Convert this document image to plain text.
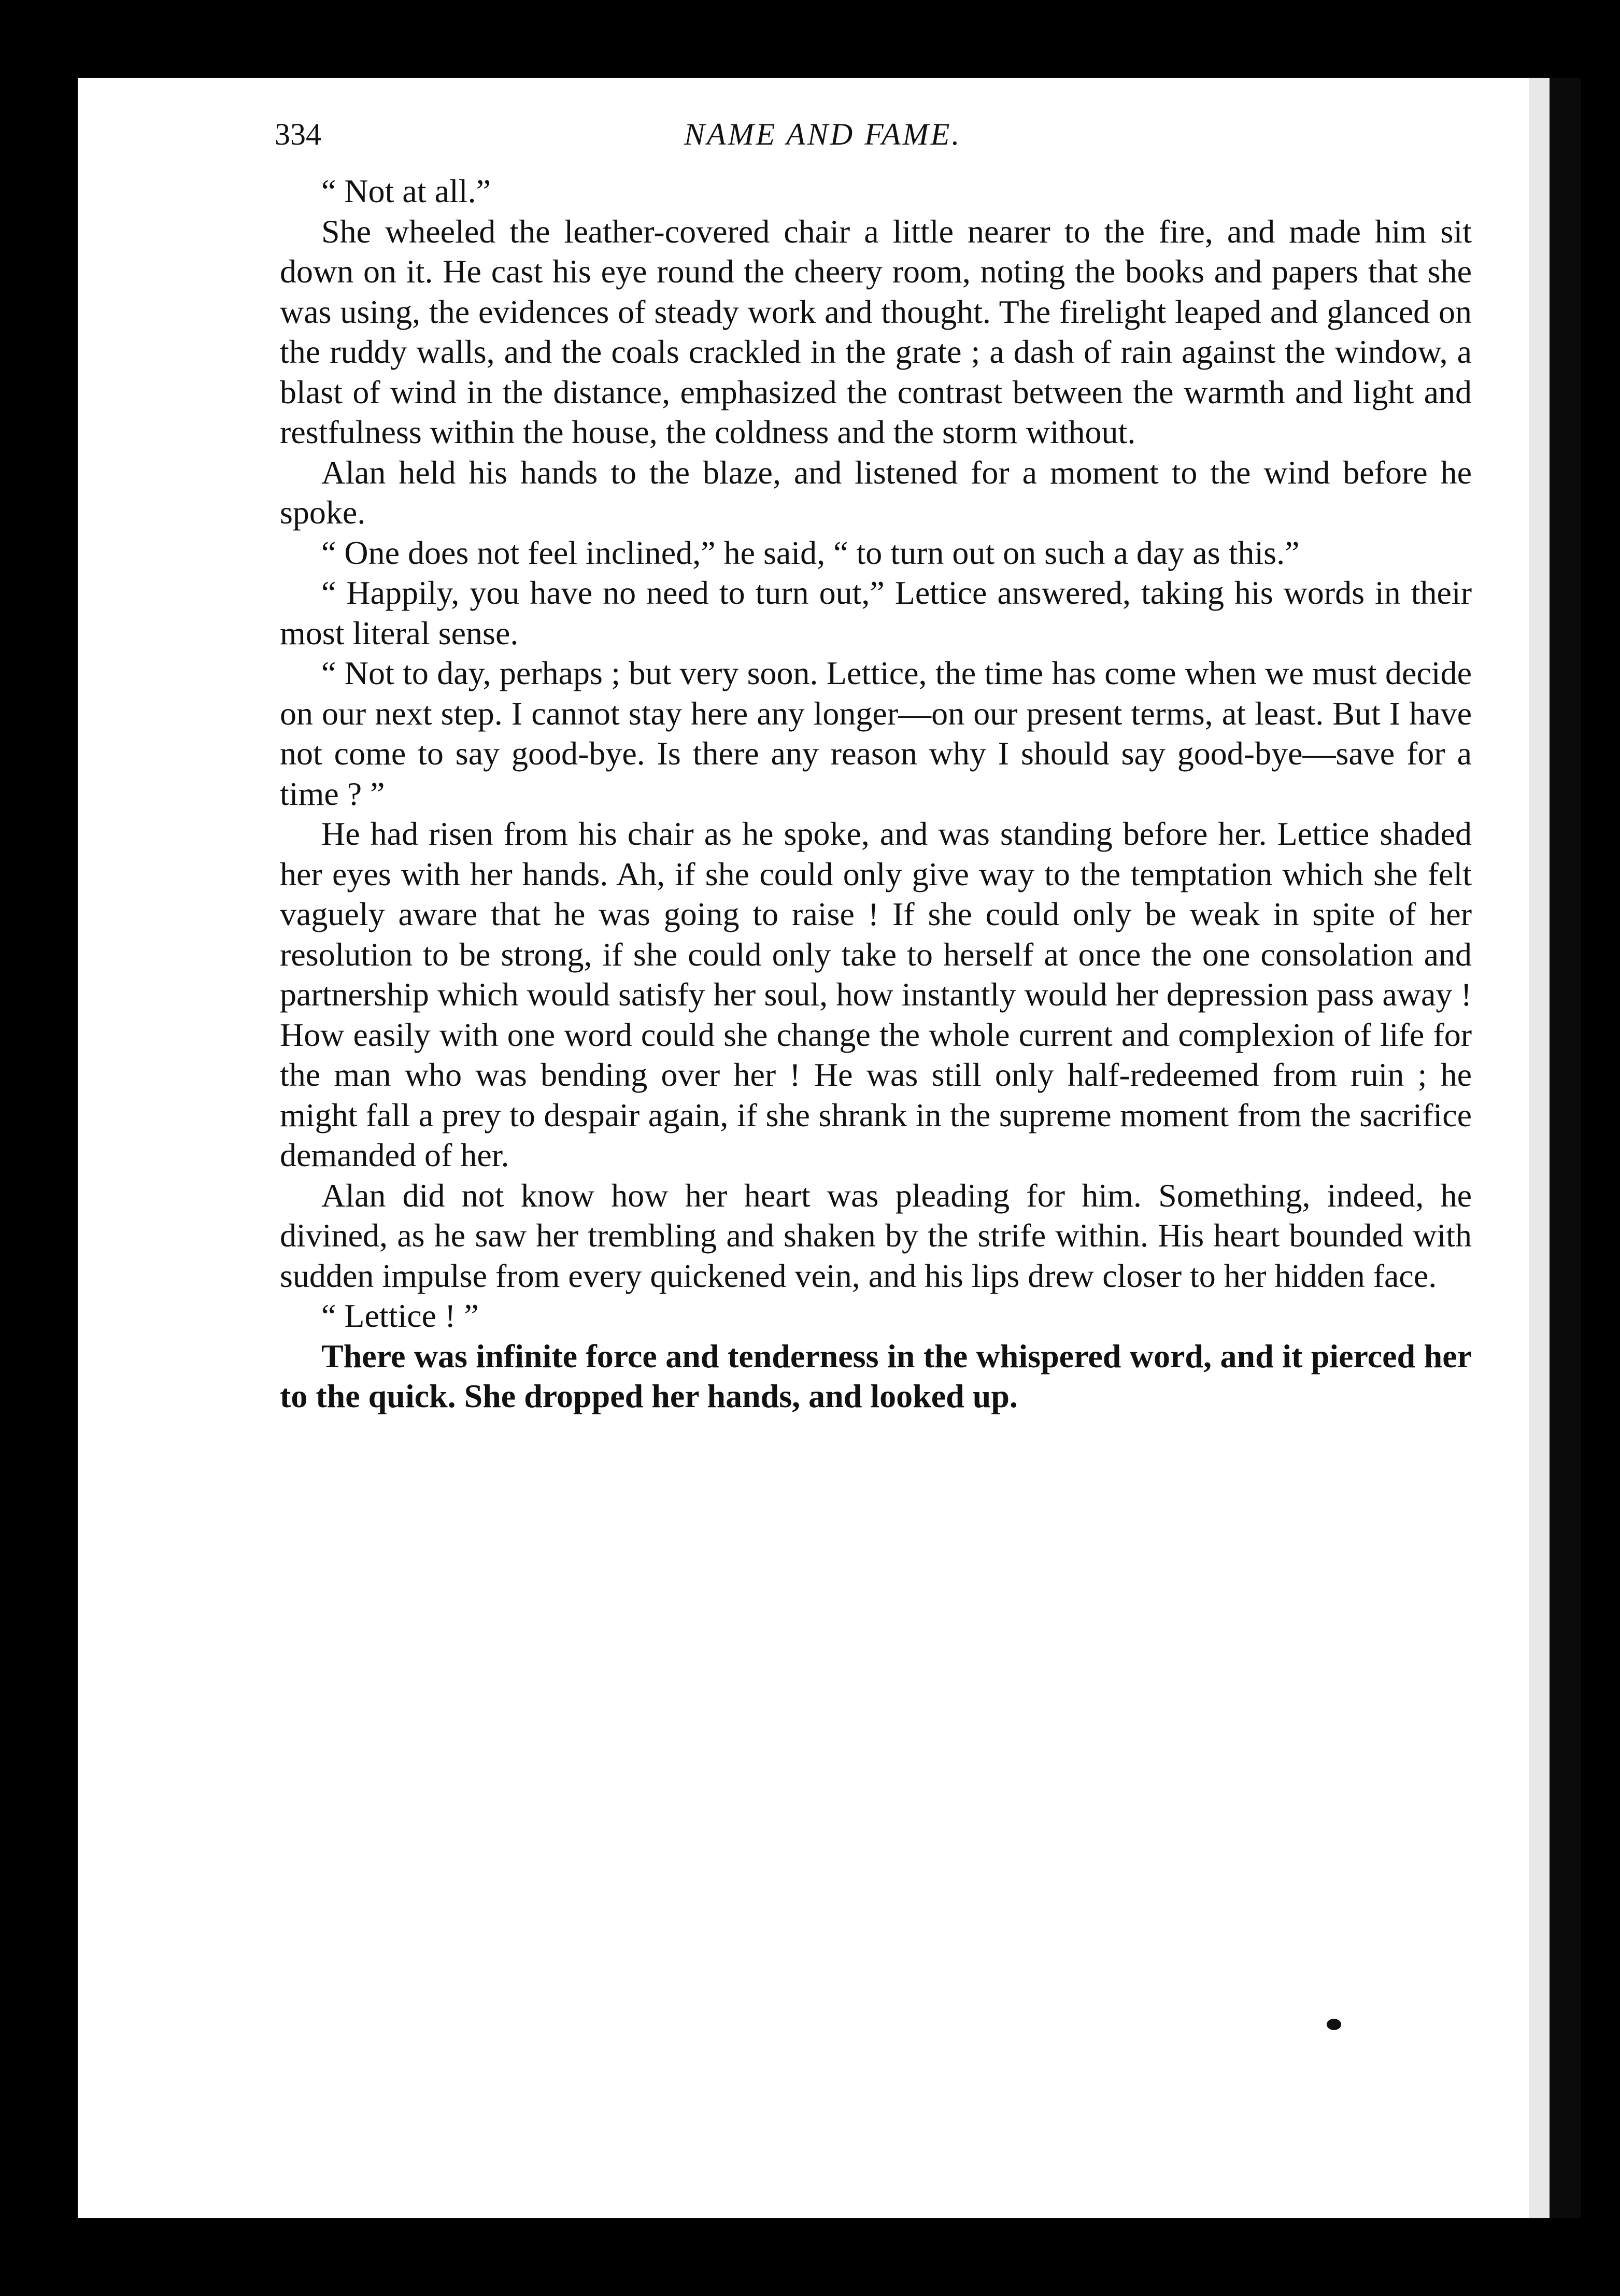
334	NAME AND FAME.

“ Not at all.”

She wheeled the leather-covered chair a little nearer to the fire, and made him sit down on it. He cast his eye round the cheery room, noting the books and papers that she was using, the evidences of steady work and thought. The firelight leaped and glanced on the ruddy walls, and the coals crackled in the grate ; a dash of rain against the window, a blast of wind in the distance, emphasized the contrast between the warmth and light and restfulness within the house, the coldness and the storm without.

Alan held his hands to the blaze, and listened for a moment to the wind before he spoke.

“ One does not feel inclined,” he said, “ to turn out on such a day as this.”

“ Happily, you have no need to turn out,” Lettice answered, taking his words in their most literal sense.

“ Not to day, perhaps ; but very soon. Lettice, the time has come when we must decide on our next step. I cannot stay here any longer—on our present terms, at least. But I have not come to say good-bye. Is there any reason why I should say good-bye—save for a time ? ”

He had risen from his chair as he spoke, and was standing before her. Lettice shaded her eyes with her hands. Ah, if she could only give way to the temptation which she felt vaguely aware that he was going to raise ! If she could only be weak in spite of her resolution to be strong, if she could only take to herself at once the one consolation and partnership which would satisfy her soul, how instantly would her depression pass away ! How easily with one word could she change the whole current and complexion of life for the man who was bending over her ! He was still only half-redeemed from ruin ; he might fall a prey to despair again, if she shrank in the supreme moment from the sacrifice demanded of her.

Alan did not know how her heart was pleading for him. Something, indeed, he divined, as he saw her trembling and shaken by the strife within. His heart bounded with sudden impulse from every quickened vein, and his lips drew closer to her hidden face.

“ Lettice ! ”

There was infinite force and tenderness in the whispered word, and it pierced her to the quick. She dropped her hands, and looked up.
